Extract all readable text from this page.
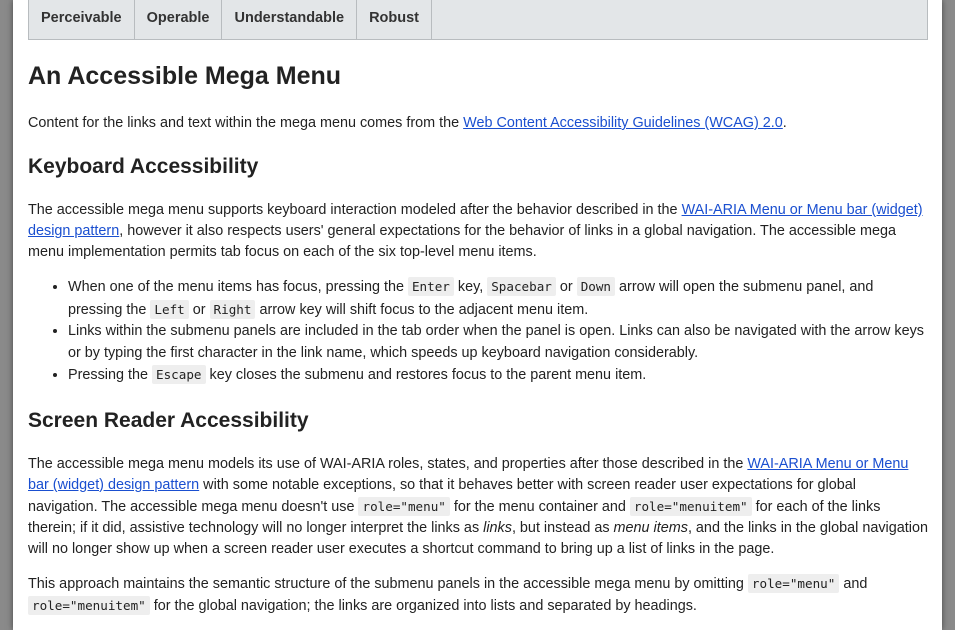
Perceivable	Operable	Understandable	Robust
An Accessible Mega Menu

Content for the links and text within the mega menu comes from the Web Content Accessibility Guidelines (WCAG) 2.0.

Keyboard Accessibility

The accessible mega menu supports keyboard interaction modeled after the behavior described in the WAI-ARIA Menu or Menu bar (widget) design pattern, however it also respects users' general expectations for the behavior of links in a global navigation. The accessible mega menu implementation permits tab focus on each of the six top-level menu items.

• When one of the menu items has focus, pressing the Enter key, Spacebar or Down arrow will open the submenu panel, and pressing the Left or Right arrow key will shift focus to the adjacent menu item.
• Links within the submenu panels are included in the tab order when the panel is open. Links can also be navigated with the arrow keys or by typing the first character in the link name, which speeds up keyboard navigation considerably.
• Pressing the Escape key closes the submenu and restores focus to the parent menu item.
Screen Reader Accessibility

The accessible mega menu models its use of WAI-ARIA roles, states, and properties after those described in the WAI-ARIA Menu or Menu bar (widget) design pattern with some notable exceptions, so that it behaves better with screen reader user expectations for global navigation. The accessible mega menu doesn't use role="menu" for the menu container and role="menuitem" for each of the links therein; if it did, assistive technology will no longer interpret the links as links, but instead as menu items, and the links in the global navigation will no longer show up when a screen reader user executes a shortcut command to bring up a list of links in the page.

This approach maintains the semantic structure of the submenu panels in the accessible mega menu by omitting role="menu" and role="menuitem" for the global navigation; the links are organized into lists and separated by headings.
